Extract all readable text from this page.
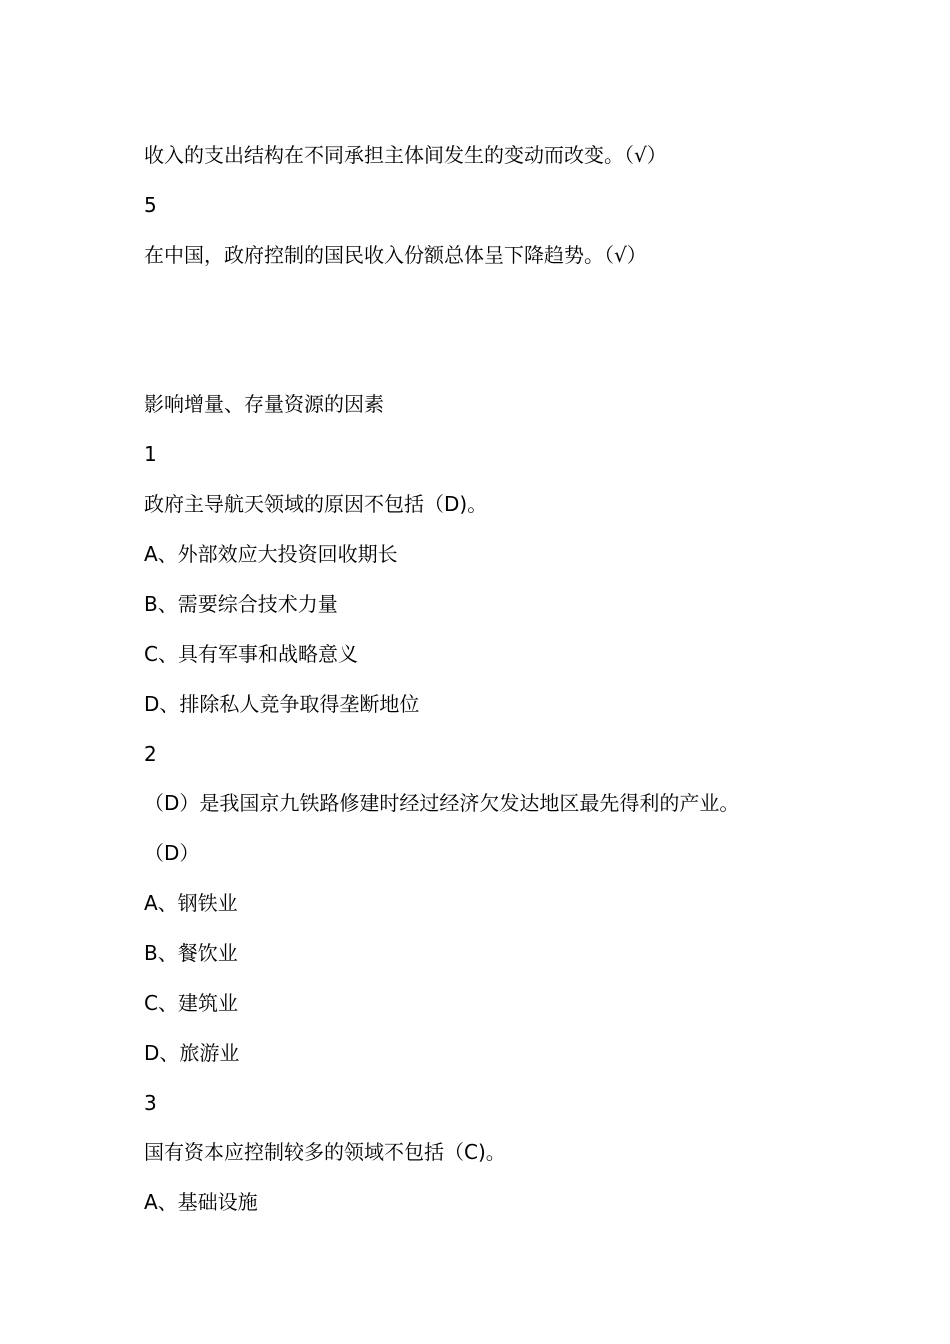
收入的支出结构在不同承担主体间发生的变动而改变。（√）

5

在中国，政府控制的国民收入份额总体呈下降趋势。（√）

影响增量、存量资源的因素

1

政府主导航天领域的原因不包括（D)。

A、外部效应大投资回收期长

B、需要综合技术力量

C、具有军事和战略意义

D、排除私人竞争取得垄断地位

2

（D）是我国京九铁路修建时经过经济欠发达地区最先得利的产业。

（D）

A、钢铁业

B、餐饮业

C、建筑业

D、旅游业

3

国有资本应控制较多的领域不包括（C)。

A、基础设施
